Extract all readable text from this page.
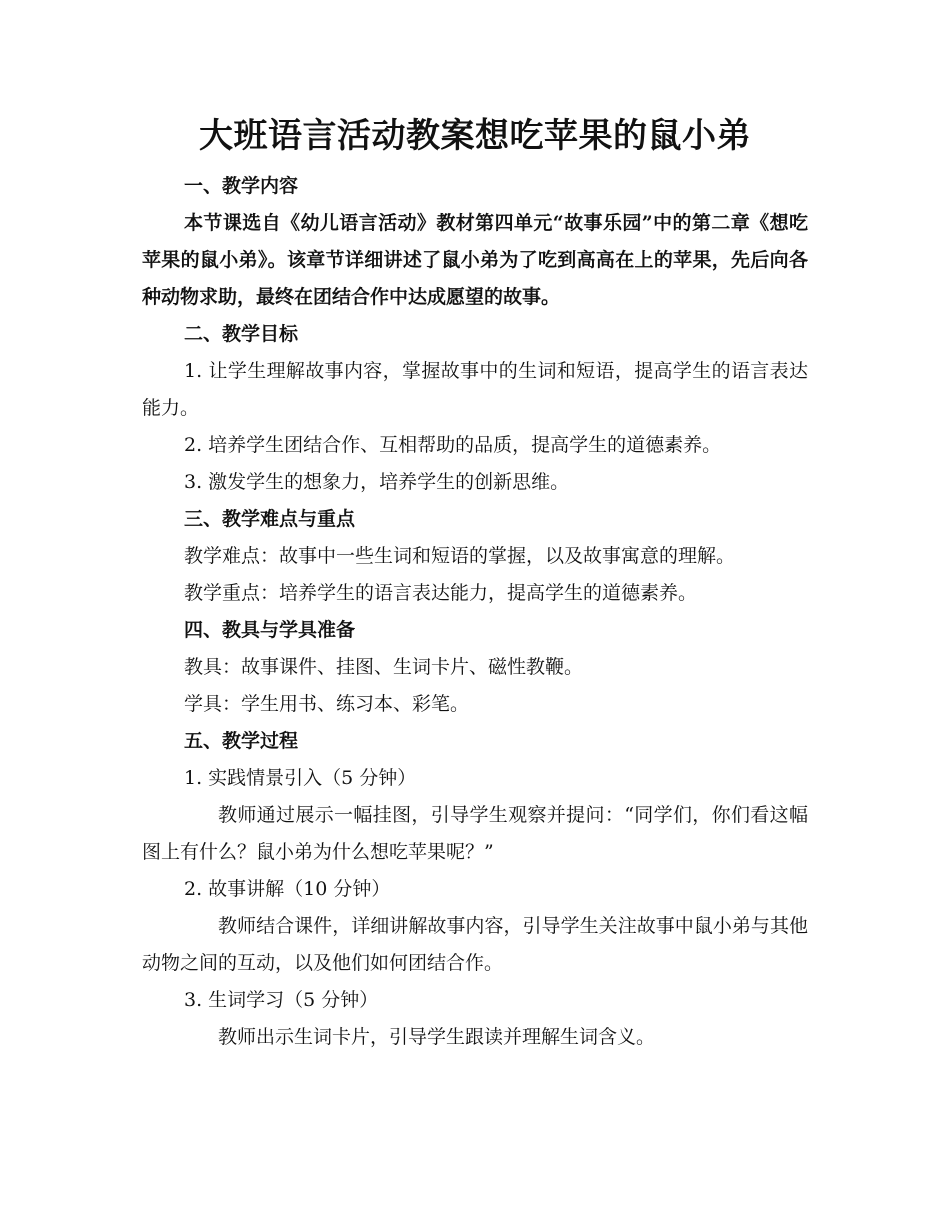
大班语言活动教案想吃苹果的鼠小弟

一、教学内容

本节课选自《幼儿语言活动》教材第四单元“故事乐园”中的第二章《想吃苹果的鼠小弟》。该章节详细讲述了鼠小弟为了吃到高高在上的苹果，先后向各种动物求助，最终在团结合作中达成愿望的故事。

二、教学目标

1. 让学生理解故事内容，掌握故事中的生词和短语，提高学生的语言表达能力。

2. 培养学生团结合作、互相帮助的品质，提高学生的道德素养。

3. 激发学生的想象力，培养学生的创新思维。

三、教学难点与重点

教学难点：故事中一些生词和短语的掌握，以及故事寓意的理解。

教学重点：培养学生的语言表达能力，提高学生的道德素养。

四、教具与学具准备

教具：故事课件、挂图、生词卡片、磁性教鞭。

学具：学生用书、练习本、彩笔。

五、教学过程

1. 实践情景引入（5 分钟）

教师通过展示一幅挂图，引导学生观察并提问：“同学们，你们看这幅图上有什么？鼠小弟为什么想吃苹果呢？”

2. 故事讲解（10 分钟）

教师结合课件，详细讲解故事内容，引导学生关注故事中鼠小弟与其他动物之间的互动，以及他们如何团结合作。

3. 生词学习（5 分钟）

教师出示生词卡片，引导学生跟读并理解生词含义。
